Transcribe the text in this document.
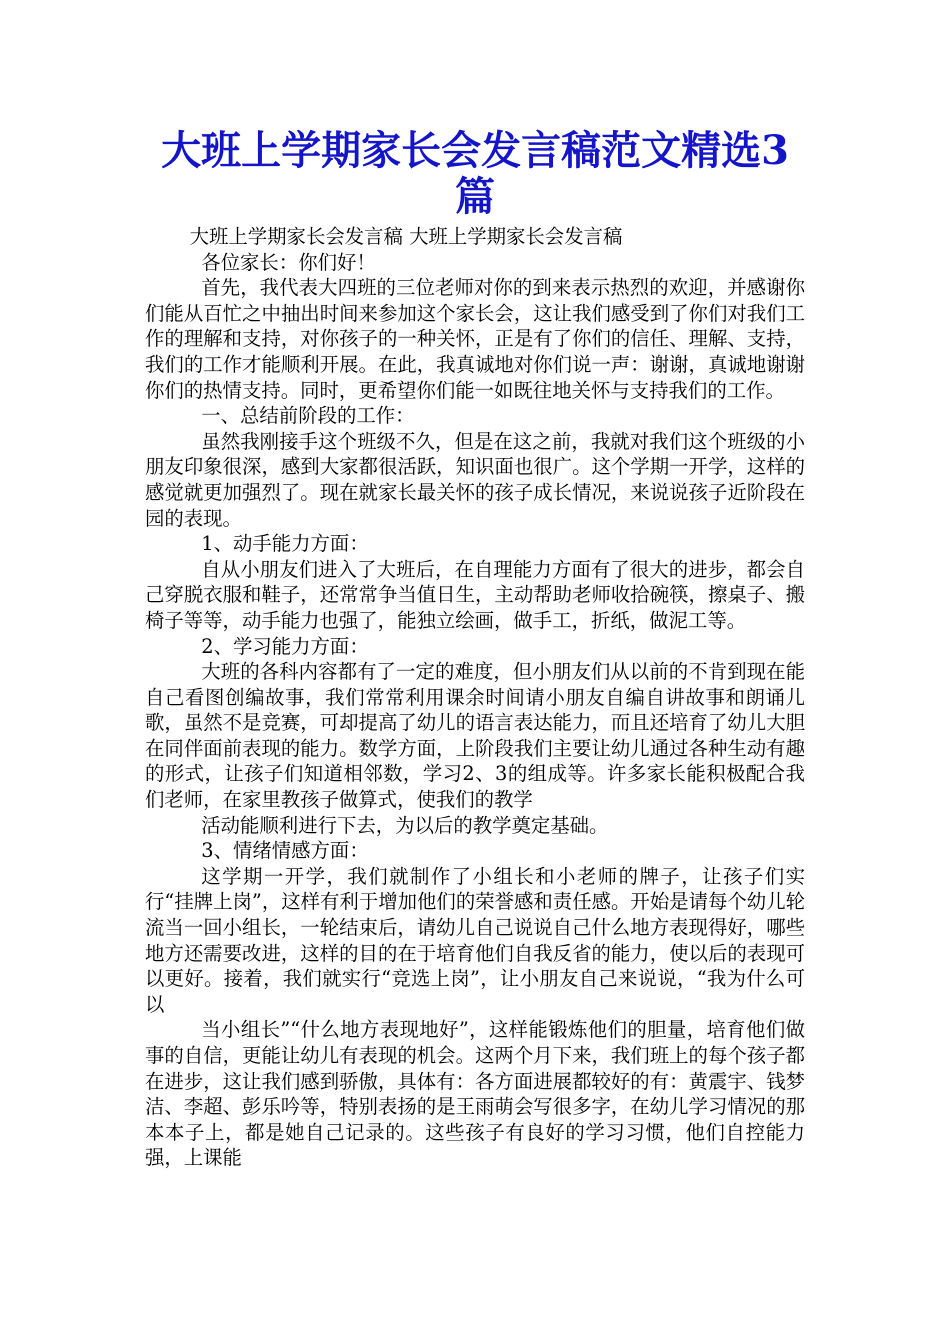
大班上学期家长会发言稿范文精选3篇

大班上学期家长会发言稿 大班上学期家长会发言稿

各位家长：你们好！

首先，我代表大四班的三位老师对你的到来表示热烈的欢迎，并感谢你们能从百忙之中抽出时间来参加这个家长会，这让我们感受到了你们对我们工作的理解和支持，对你孩子的一种关怀，正是有了你们的信任、理解、支持，我们的工作才能顺利开展。在此，我真诚地对你们说一声：谢谢，真诚地谢谢你们的热情支持。同时，更希望你们能一如既往地关怀与支持我们的工作。

一、总结前阶段的工作：

虽然我刚接手这个班级不久，但是在这之前，我就对我们这个班级的小朋友印象很深，感到大家都很活跃，知识面也很广。这个学期一开学，这样的感觉就更加强烈了。现在就家长最关怀的孩子成长情况，来说说孩子近阶段在园的表现。

1、动手能力方面：

自从小朋友们进入了大班后，在自理能力方面有了很大的进步，都会自己穿脱衣服和鞋子，还常常争当值日生，主动帮助老师收拾碗筷，擦桌子、搬椅子等等，动手能力也强了，能独立绘画，做手工，折纸，做泥工等。

2、学习能力方面：

大班的各科内容都有了一定的难度，但小朋友们从以前的不肯到现在能自己看图创编故事，我们常常利用课余时间请小朋友自编自讲故事和朗诵儿歌，虽然不是竞赛，可却提高了幼儿的语言表达能力，而且还培育了幼儿大胆在同伴面前表现的能力。数学方面，上阶段我们主要让幼儿通过各种生动有趣的形式，让孩子们知道相邻数，学习2、3的组成等。许多家长能积极配合我们老师，在家里教孩子做算式，使我们的教学

活动能顺利进行下去，为以后的教学奠定基础。

3、情绪情感方面：

这学期一开学，我们就制作了小组长和小老师的牌子，让孩子们实行“挂牌上岗”，这样有利于增加他们的荣誉感和责任感。开始是请每个幼儿轮流当一回小组长，一轮结束后，请幼儿自己说说自己什么地方表现得好，哪些地方还需要改进，这样的目的在于培育他们自我反省的能力，使以后的表现可以更好。接着，我们就实行“竞选上岗”，让小朋友自己来说说，“我为什么可以

当小组长”“什么地方表现地好”，这样能锻炼他们的胆量，培育他们做事的自信，更能让幼儿有表现的机会。这两个月下来，我们班上的每个孩子都在进步，这让我们感到骄傲，具体有：各方面进展都较好的有：黄震宇、钱梦洁、李超、彭乐吟等，特别表扬的是王雨萌会写很多字，在幼儿学习情况的那本本子上，都是她自己记录的。这些孩子有良好的学习习惯，他们自控能力强，上课能
